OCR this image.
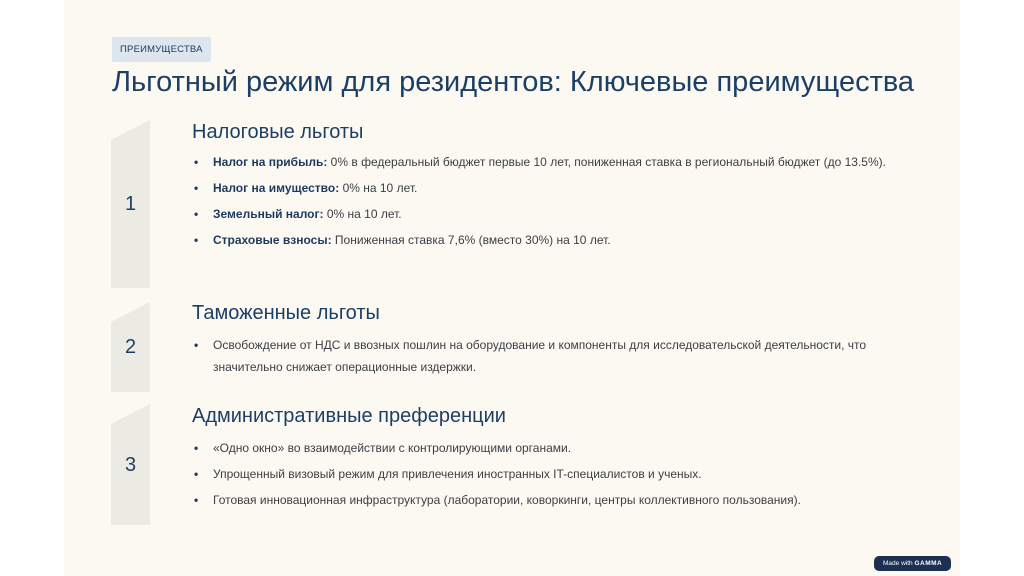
ПРЕИМУЩЕСТВА
Льготный режим для резидентов: Ключевые преимущества
1
Налоговые льготы
• Налог на прибыль: 0% в федеральный бюджет первые 10 лет, пониженная ставка в региональный бюджет (до 13.5%).
• Налог на имущество: 0% на 10 лет.
• Земельный налог: 0% на 10 лет.
• Страховые взносы: Пониженная ставка 7,6% (вместо 30%) на 10 лет.
2
Таможенные льготы
• Освобождение от НДС и ввозных пошлин на оборудование и компоненты для исследовательской деятельности, что значительно снижает операционные издержки.
3
Административные преференции
• «Одно окно» во взаимодействии с контролирующими органами.
• Упрощенный визовый режим для привлечения иностранных IT-специалистов и ученых.
• Готовая инновационная инфраструктура (лаборатории, коворкинги, центры коллективного пользования).
Made with GAMMA
